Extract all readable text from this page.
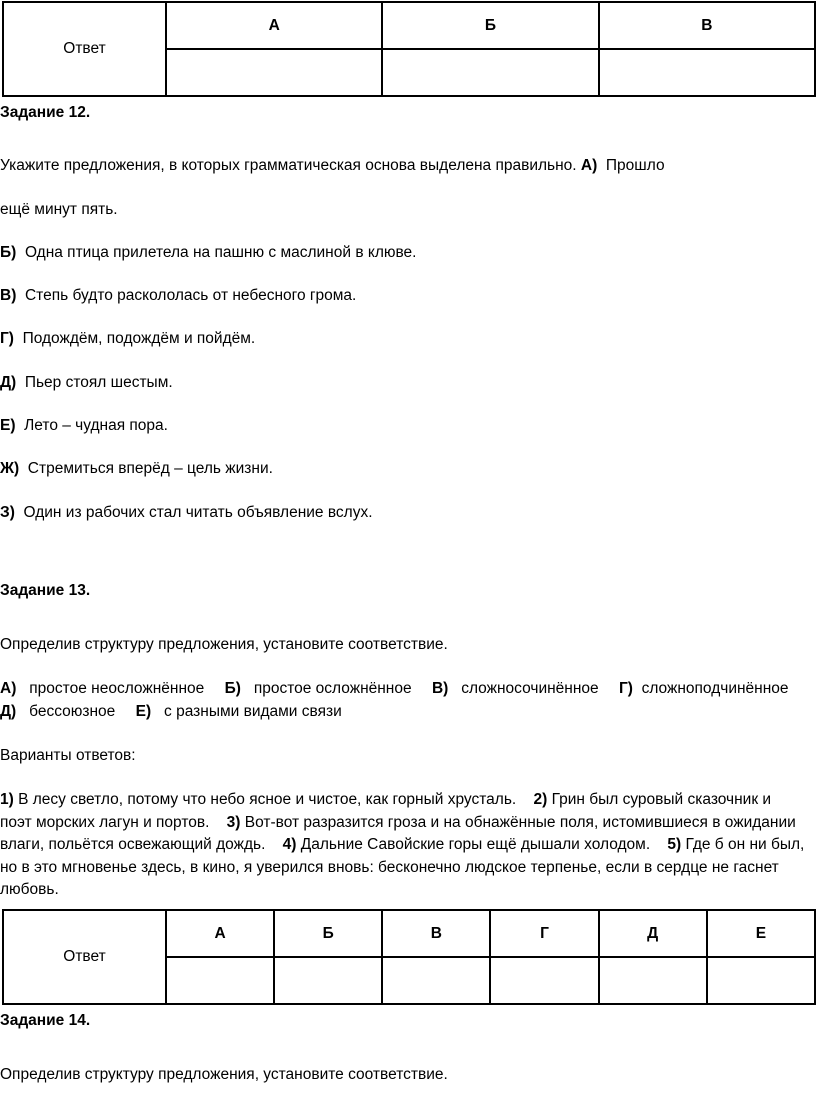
Ответ	А	Б	В

Задание 12.
Укажите предложения, в которых грамматическая основа выделена правильно. А) Прошло
ещё минут пять.
Б) Одна птица прилетела на пашню с маслиной в клюве.
В) Степь будто раскололась от небесного грома.
Г) Подождём, подождём и пойдём.
Д) Пьер стоял шестым.
Е) Лето – чудная пора.
Ж) Стремиться вперёд – цель жизни.
З) Один из рабочих стал читать объявление вслух.
Задание 13.
Определив структуру предложения, установите соответствие.
А) простое неосложнённое Б) простое осложнённое В) сложносочинённое Г) сложноподчинённое
Д) бессоюзное Е) с разными видами связи
Варианты ответов:
1) В лесу светло, потому что небо ясное и чистое, как горный хрусталь. 2) Грин был суровый сказочник и поэт морских лагун и портов. 3) Вот-вот разразится гроза и на обнажённые поля, истомившиеся в ожидании влаги, польётся освежающий дождь. 4) Дальние Савойские горы ещё дышали холодом. 5) Где б он ни был, но в это мгновенье здесь, в кино, я уверился вновь: бесконечно людское терпенье, если в сердце не гаснет любовь.
Ответ	А	Б	В	Г	Д	Е

Задание 14.
Определив структуру предложения, установите соответствие.
